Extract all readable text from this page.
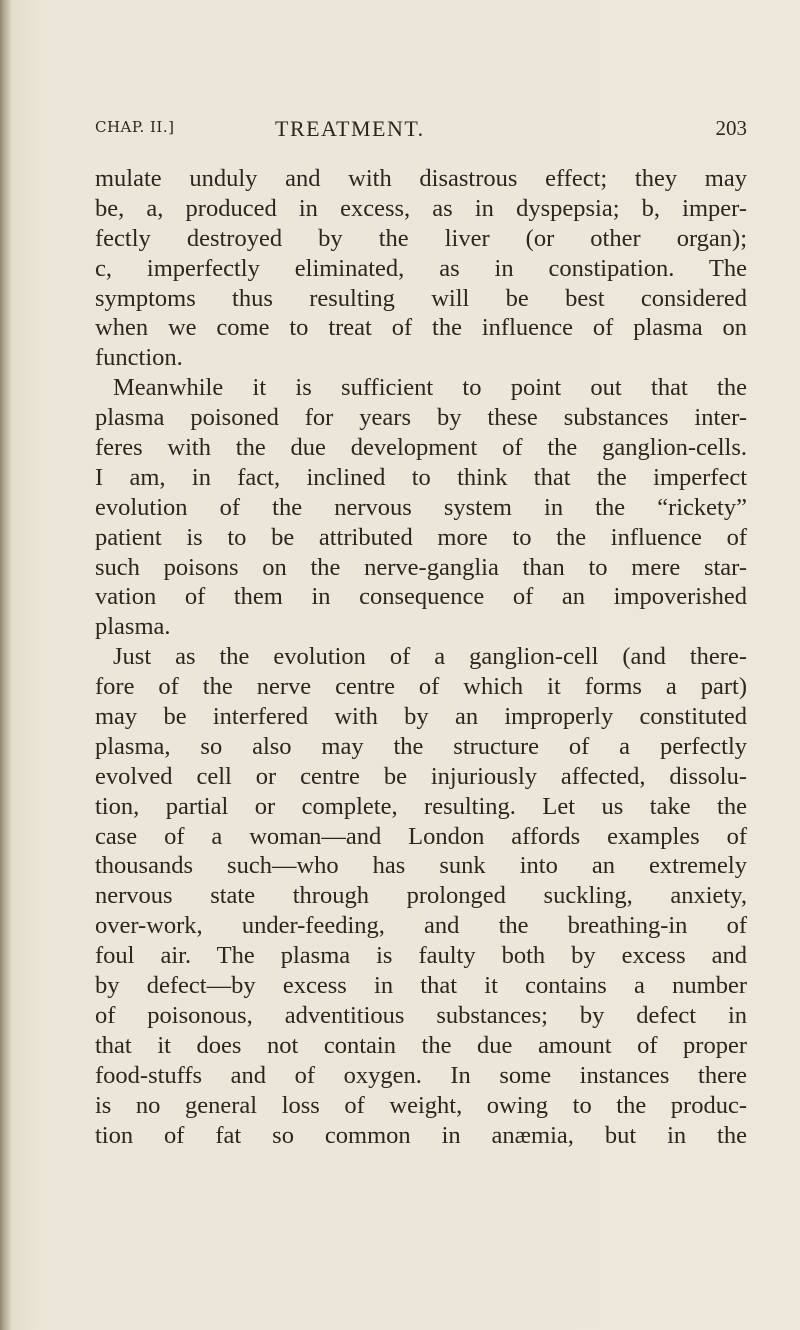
CHAP. II.]	TREATMENT.	203
mulate unduly and with disastrous effect; they may
be, a, produced in excess, as in dyspepsia; b, imper-
fectly destroyed by the liver (or other organ);
c, imperfectly eliminated, as in constipation. The
symptoms thus resulting will be best considered
when we come to treat of the influence of plasma on
function.
Meanwhile it is sufficient to point out that the
plasma poisoned for years by these substances inter-
feres with the due development of the ganglion-cells.
I am, in fact, inclined to think that the imperfect
evolution of the nervous system in the “rickety”
patient is to be attributed more to the influence of
such poisons on the nerve-ganglia than to mere star-
vation of them in consequence of an impoverished
plasma.
Just as the evolution of a ganglion-cell (and there-
fore of the nerve centre of which it forms a part)
may be interfered with by an improperly constituted
plasma, so also may the structure of a perfectly
evolved cell or centre be injuriously affected, dissolu-
tion, partial or complete, resulting. Let us take the
case of a woman—and London affords examples of
thousands such—who has sunk into an extremely
nervous state through prolonged suckling, anxiety,
over-work, under-feeding, and the breathing-in of
foul air. The plasma is faulty both by excess and
by defect—by excess in that it contains a number
of poisonous, adventitious substances; by defect in
that it does not contain the due amount of proper
food-stuffs and of oxygen. In some instances there
is no general loss of weight, owing to the produc-
tion of fat so common in anæmia, but in the
